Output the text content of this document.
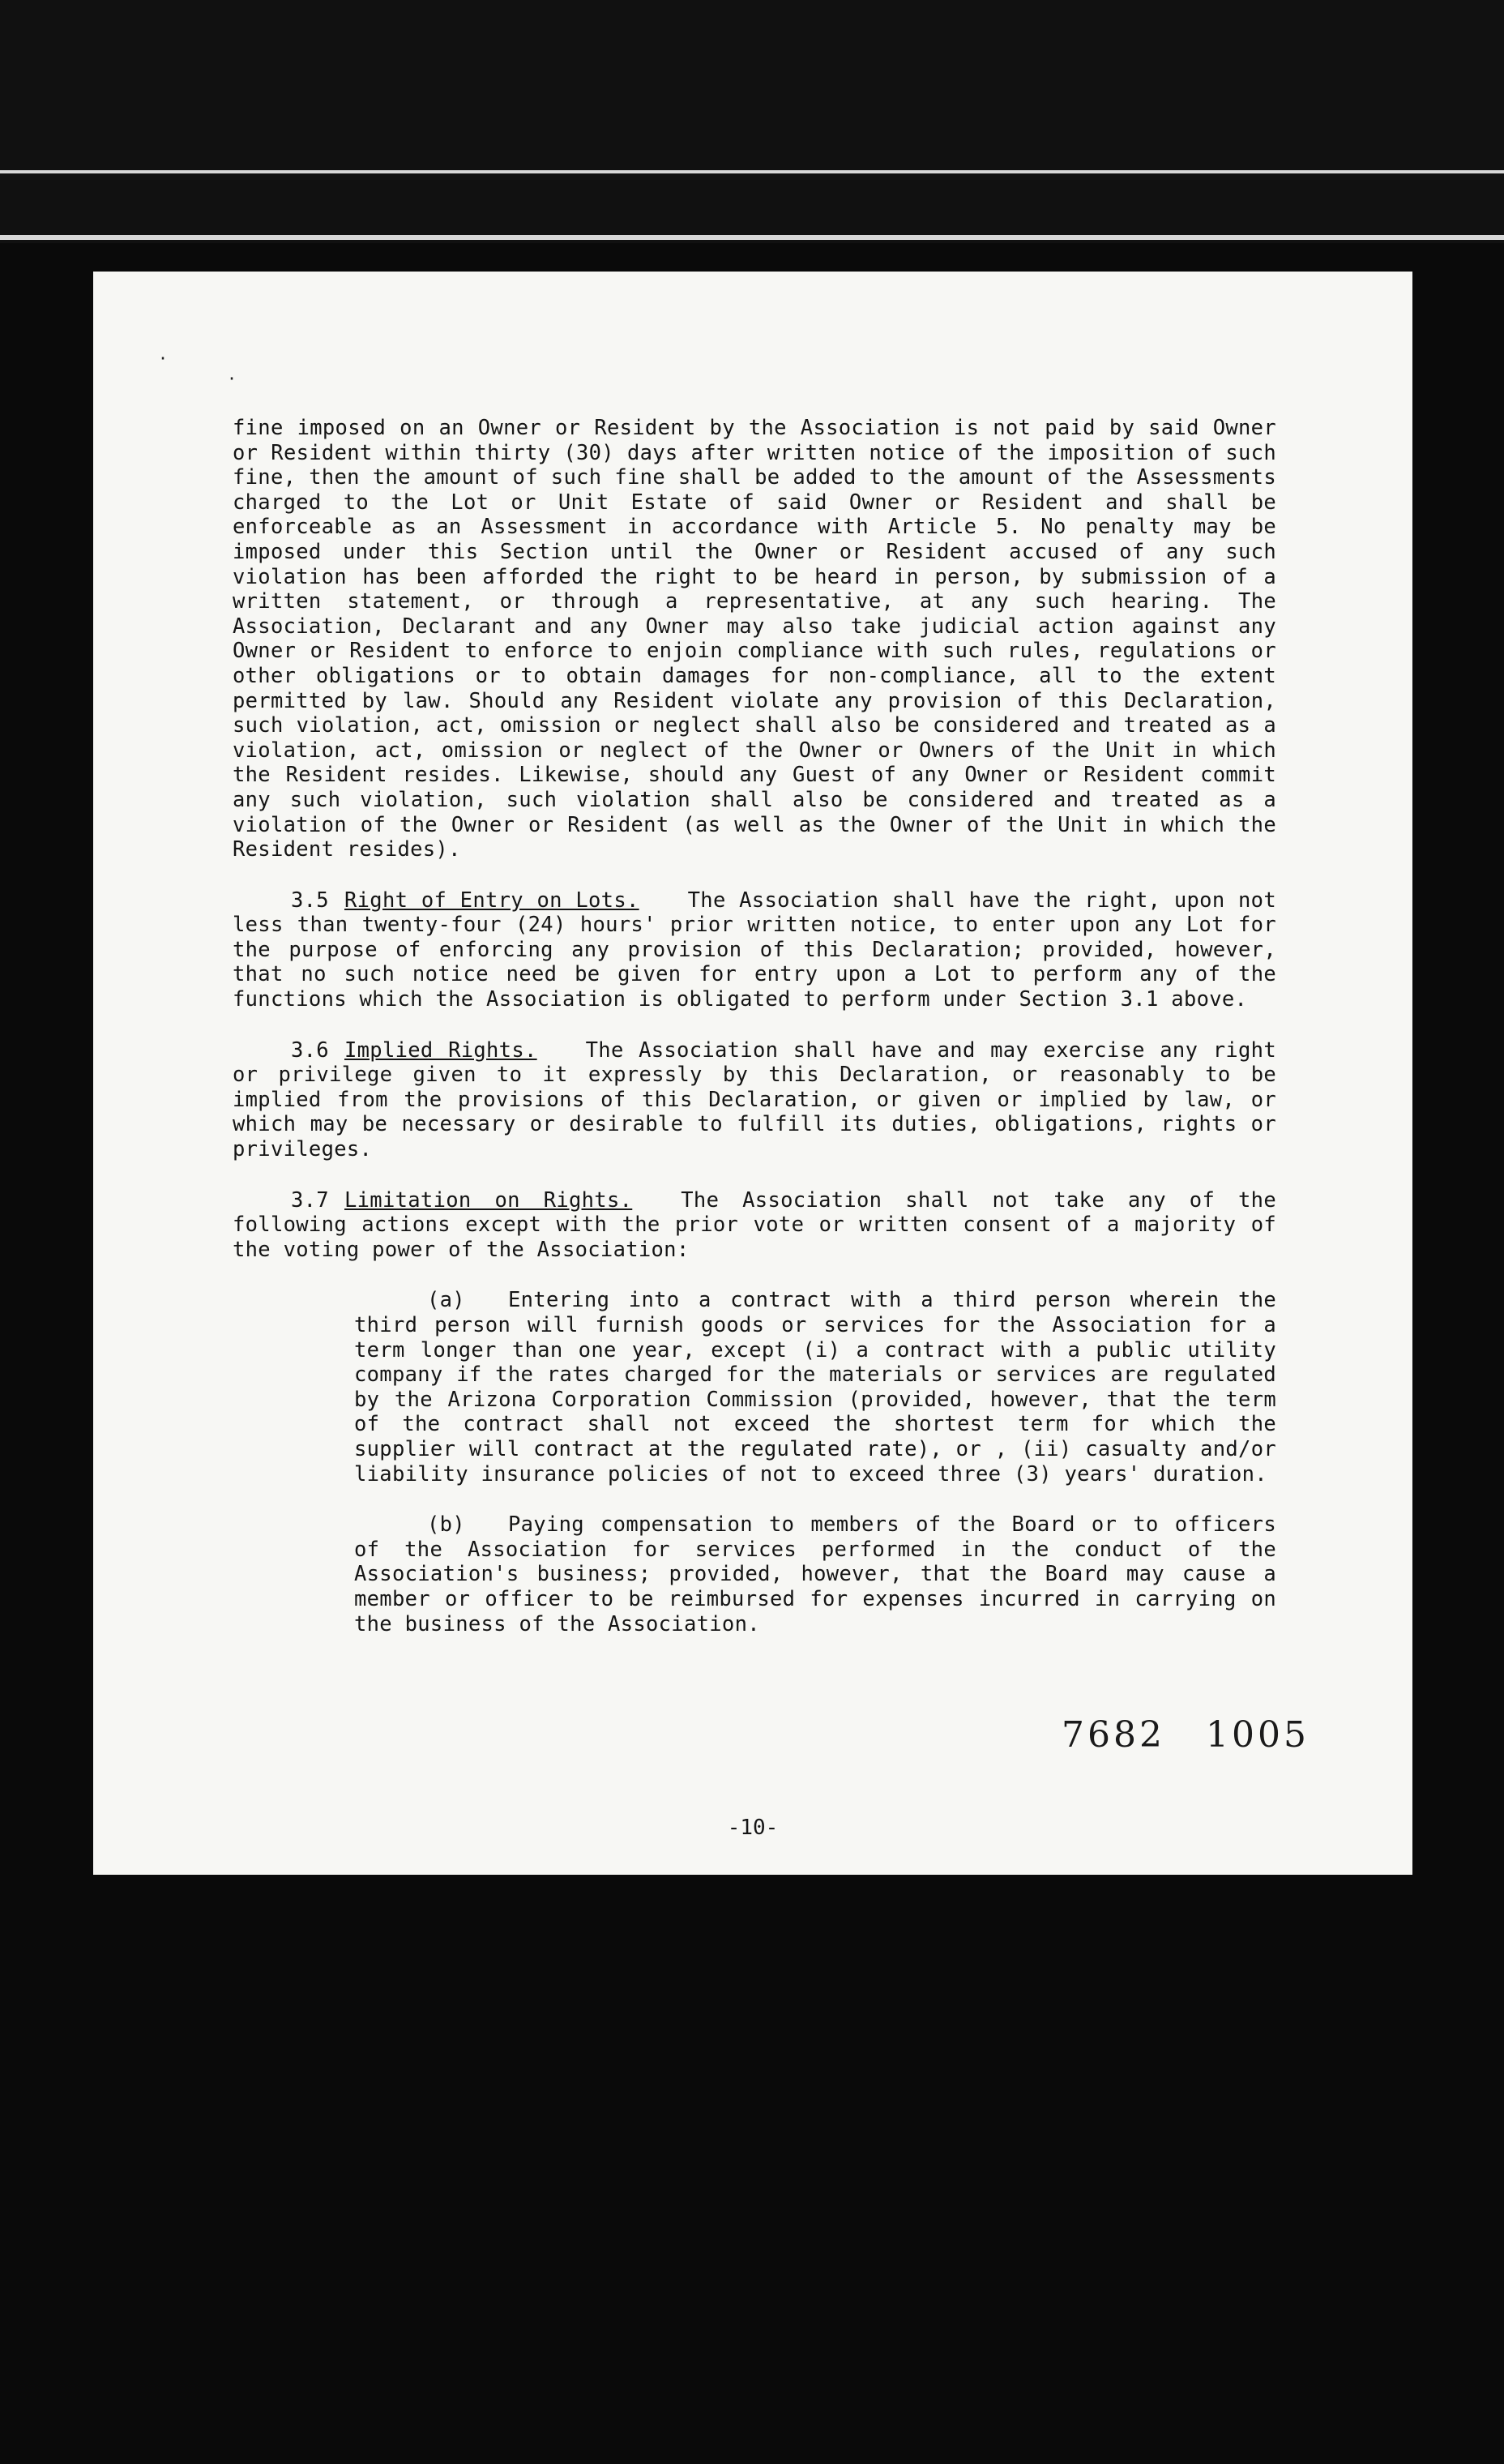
·
·

fine imposed on an Owner or Resident by the Association is not paid by said Owner or Resident within thirty (30) days after written notice of the imposition of such fine, then the amount of such fine shall be added to the amount of the Assessments charged to the Lot or Unit Estate of said Owner or Resident and shall be enforceable as an Assessment in accordance with Article 5. No penalty may be imposed under this Section until the Owner or Resident accused of any such violation has been afforded the right to be heard in person, by submission of a written statement, or through a representative, at any such hearing. The Association, Declarant and any Owner may also take judicial action against any Owner or Resident to enforce to enjoin compliance with such rules, regulations or other obligations or to obtain damages for non-compliance, all to the extent permitted by law. Should any Resident violate any provision of this Declaration, such violation, act, omission or neglect shall also be considered and treated as a violation, act, omission or neglect of the Owner or Owners of the Unit in which the Resident resides. Likewise, should any Guest of any Owner or Resident commit any such violation, such violation shall also be considered and treated as a violation of the Owner or Resident (as well as the Owner of the Unit in which the Resident resides).

3.5 Right of Entry on Lots. The Association shall have the right, upon not less than twenty-four (24) hours' prior written notice, to enter upon any Lot for the purpose of enforcing any provision of this Declaration; provided, however, that no such notice need be given for entry upon a Lot to perform any of the functions which the Association is obligated to perform under Section 3.1 above.

3.6 Implied Rights. The Association shall have and may exercise any right or privilege given to it expressly by this Declaration, or reasonably to be implied from the provisions of this Declaration, or given or implied by law, or which may be necessary or desirable to fulfill its duties, obligations, rights or privileges.

3.7 Limitation on Rights. The Association shall not take any of the following actions except with the prior vote or written consent of a majority of the voting power of the Association:

(a) Entering into a contract with a third person wherein the third person will furnish goods or services for the Association for a term longer than one year, except (i) a contract with a public utility company if the rates charged for the materials or services are regulated by the Arizona Corporation Commission (provided, however, that the term of the contract shall not exceed the shortest term for which the supplier will contract at the regulated rate), or , (ii) casualty and/or liability insurance policies of not to exceed three (3) years' duration.

(b) Paying compensation to members of the Board or to officers of the Association for services performed in the conduct of the Association's business; provided, however, that the Board may cause a member or officer to be reimbursed for expenses incurred in carrying on the business of the Association.

7682 1005
-10-
